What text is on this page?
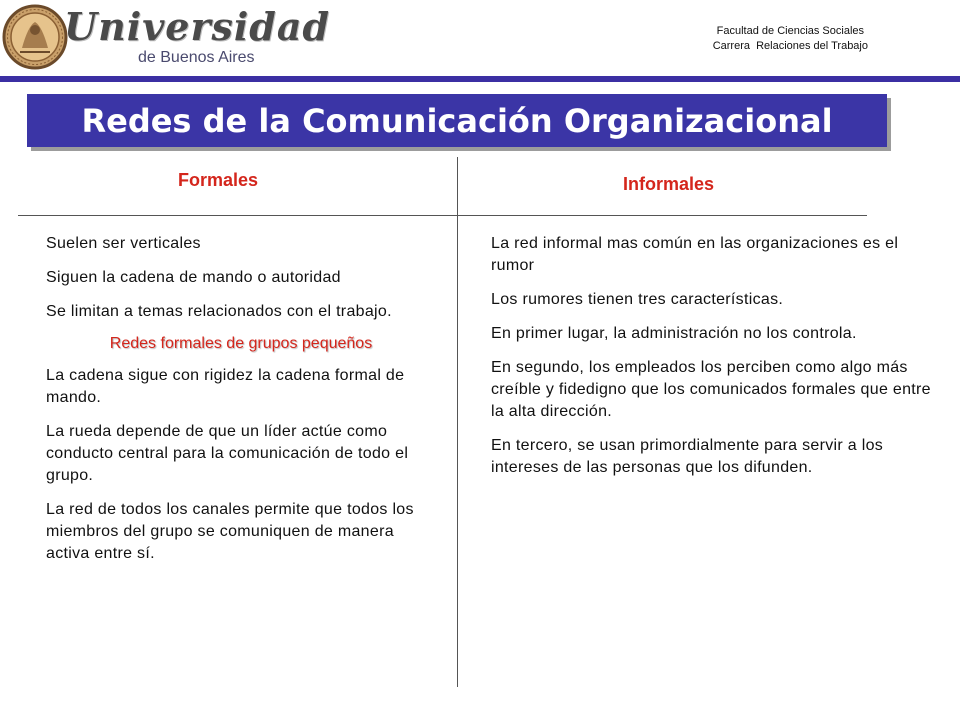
Universidad
de Buenos Aires
Facultad de Ciencias Sociales
Carrera  Relaciones del Trabajo
Redes de la Comunicación Organizacional
Formales	Informales

Suelen ser verticales

Siguen la cadena de mando o autoridad

Se limitan a temas relacionados con el trabajo.

Redes formales de grupos pequeños

La cadena sigue con rigidez la cadena formal de mando.

La rueda depende de que un líder actúe como conducto central para la comunicación de todo el grupo.

La red de todos los canales permite que todos los miembros del grupo se comuniquen de manera activa entre sí.

La red informal mas común en las organizaciones es el rumor

Los rumores tienen tres características.

En primer lugar, la administración no los controla.

En segundo, los empleados los perciben como algo más creíble y fidedigno que los comunicados formales que entre la alta dirección.

En tercero, se usan primordialmente para servir a los intereses de las personas que los difunden.
